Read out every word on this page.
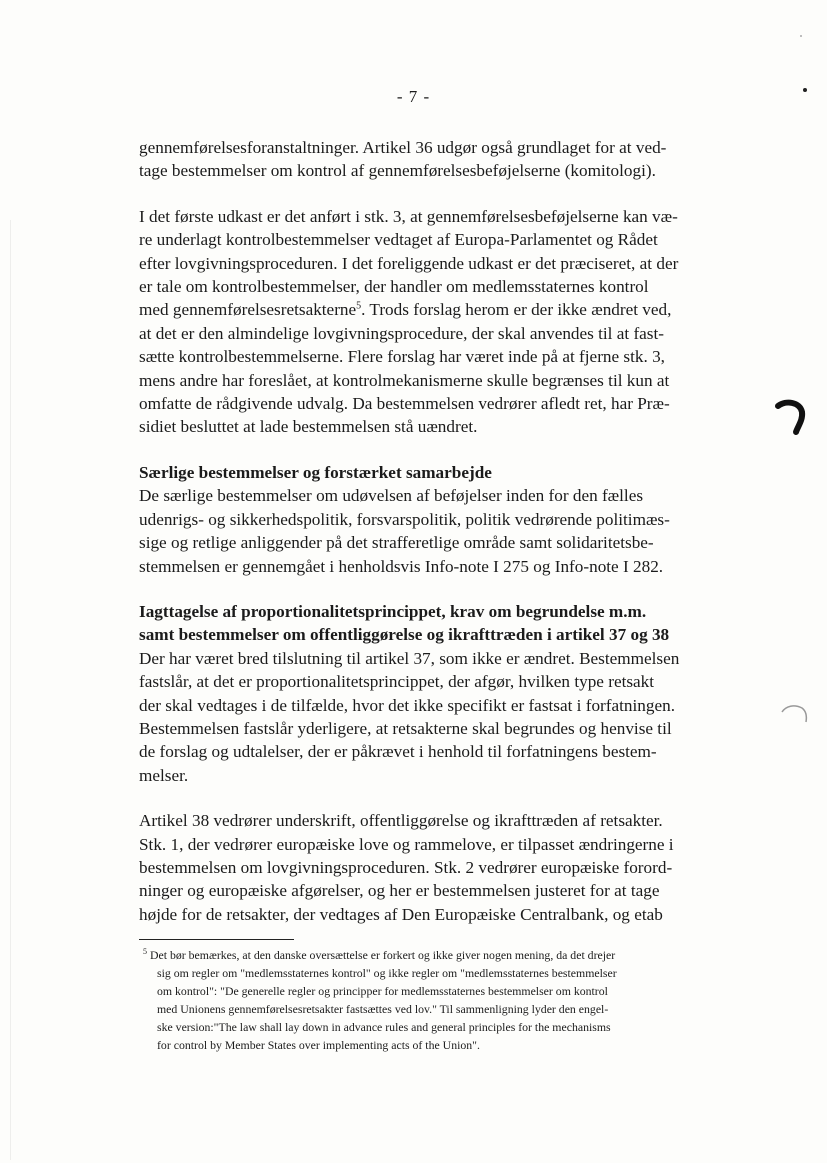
- 7 -

gennemførelsesforanstaltninger. Artikel 36 udgør også grundlaget for at ved-
tage bestemmelser om kontrol af gennemførelsesbeføjelserne (komitologi).

I det første udkast er det anført i stk. 3, at gennemførelsesbeføjelserne kan væ-
re underlagt kontrolbestemmelser vedtaget af Europa-Parlamentet og Rådet
efter lovgivningsproceduren. I det foreliggende udkast er det præciseret, at der
er tale om kontrolbestemmelser, der handler om medlemsstaternes kontrol
med gennemførelsesretsakterne$^5$. Trods forslag herom er der ikke ændret ved,
at det er den almindelige lovgivningsprocedure, der skal anvendes til at fast-
sætte kontrolbestemmelserne. Flere forslag har været inde på at fjerne stk. 3,
mens andre har foreslået, at kontrolmekanismerne skulle begrænses til kun at
omfatte de rådgivende udvalg. Da bestemmelsen vedrører afledt ret, har Præ-
sidiet besluttet at lade bestemmelsen stå uændret.

Særlige bestemmelser og forstærket samarbejde

De særlige bestemmelser om udøvelsen af beføjelser inden for den fælles
udenrigs- og sikkerhedspolitik, forsvarspolitik, politik vedrørende politimæs-
sige og retlige anliggender på det strafferetlige område samt solidaritetsbe-
stemmelsen er gennemgået i henholdsvis Info-note I 275 og Info-note I 282.

Iagttagelse af proportionalitetsprincippet, krav om begrundelse m.m.
samt bestemmelser om offentliggørelse og ikrafttræden i artikel 37 og 38

Der har været bred tilslutning til artikel 37, som ikke er ændret. Bestemmelsen
fastslår, at det er proportionalitetsprincippet, der afgør, hvilken type retsakt
der skal vedtages i de tilfælde, hvor det ikke specifikt er fastsat i forfatningen.
Bestemmelsen fastslår yderligere, at retsakterne skal begrundes og henvise til
de forslag og udtalelser, der er påkrævet i henhold til forfatningens bestem-
melser.

Artikel 38 vedrører underskrift, offentliggørelse og ikrafttræden af retsakter.
Stk. 1, der vedrører europæiske love og rammelove, er tilpasset ændringerne i
bestemmelsen om lovgivningsproceduren. Stk. 2 vedrører europæiske forord-
ninger og europæiske afgørelser, og her er bestemmelsen justeret for at tage
højde for de retsakter, der vedtages af Den Europæiske Centralbank, og etab

$^5$ Det bør bemærkes, at den danske oversættelse er forkert og ikke giver nogen mening, da det drejer
sig om regler om "medlemsstaternes kontrol" og ikke regler om "medlemsstaternes bestemmelser
om kontrol": "De generelle regler og principper for medlemsstaternes bestemmelser om kontrol
med Unionens gennemførelsesretsakter fastsættes ved lov." Til sammenligning lyder den engel-
ske version:"The law shall lay down in advance rules and general principles for the mechanisms
for control by Member States over implementing acts of the Union".
